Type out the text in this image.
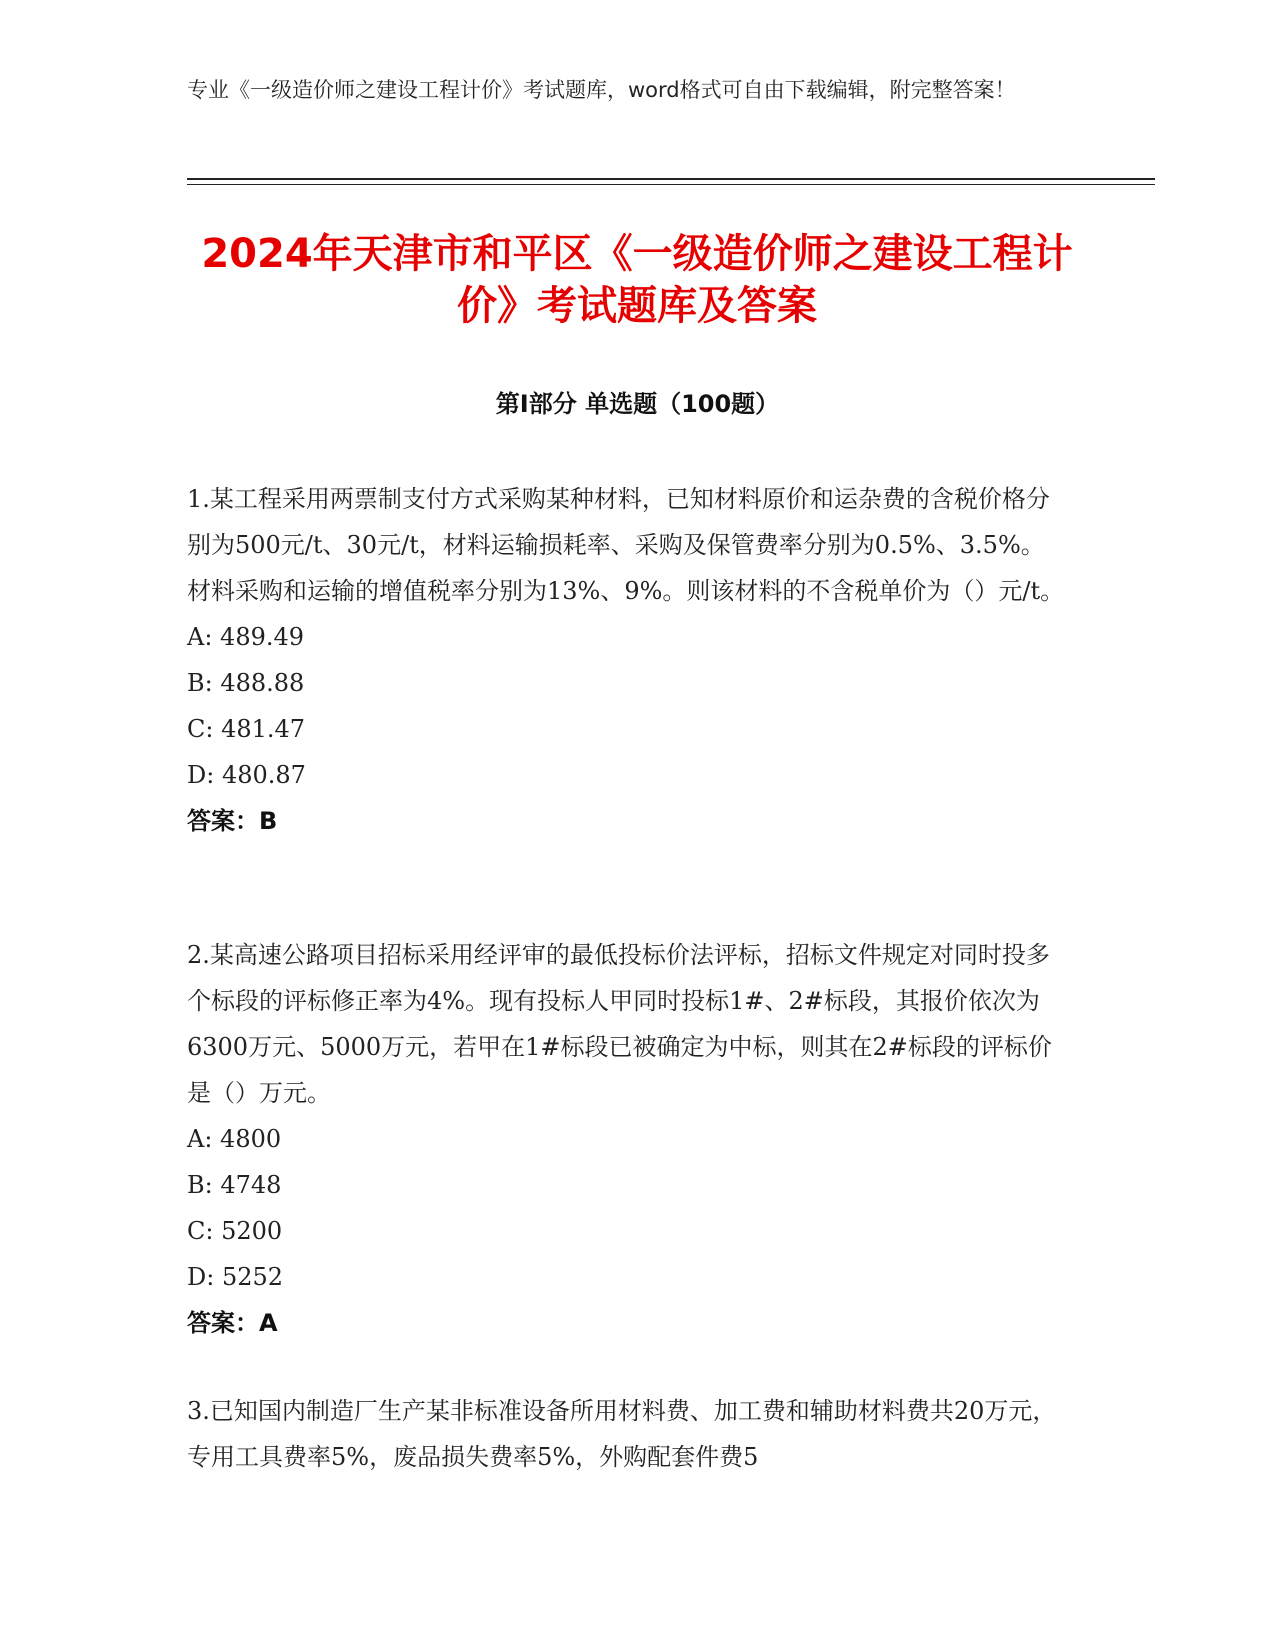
专业《一级造价师之建设工程计价》考试题库，word格式可自由下载编辑，附完整答案！
2024年天津市和平区《一级造价师之建设工程计价》考试题库及答案
第I部分 单选题（100题）

1.某工程采用两票制支付方式采购某种材料，已知材料原价和运杂费的含税价格分别为500元/t、30元/t，材料运输损耗率、采购及保管费率分别为0.5%、3.5%。材料采购和运输的增值税率分别为13%、9%。则该材料的不含税单价为（）元/t。

A: 489.49

B: 488.88

C: 481.47

D: 480.87

答案：B

2.某高速公路项目招标采用经评审的最低投标价法评标，招标文件规定对同时投多个标段的评标修正率为4%。现有投标人甲同时投标1#、2#标段，其报价依次为6300万元、5000万元，若甲在1#标段已被确定为中标，则其在2#标段的评标价是（）万元。

A: 4800

B: 4748

C: 5200

D: 5252

答案：A

3.已知国内制造厂生产某非标准设备所用材料费、加工费和辅助材料费共20万元，专用工具费率5%，废品损失费率5%，外购配套件费5
